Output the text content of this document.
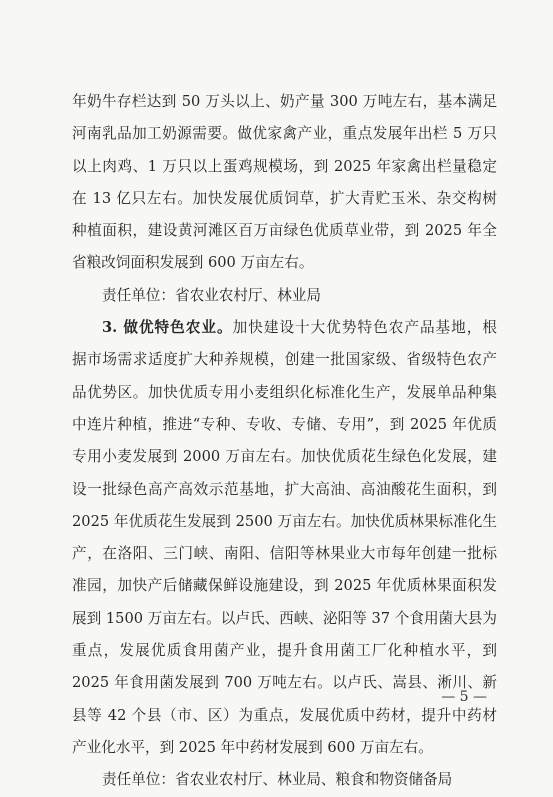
年奶牛存栏达到 50 万头以上、奶产量 300 万吨左右，基本满足
河南乳品加工奶源需要。做优家禽产业，重点发展年出栏 5 万只
以上肉鸡、1 万只以上蛋鸡规模场，到 2025 年家禽出栏量稳定
在 13 亿只左右。加快发展优质饲草，扩大青贮玉米、杂交构树
种植面积，建设黄河滩区百万亩绿色优质草业带，到 2025 年全
省粮改饲面积发展到 600 万亩左右。
责任单位：省农业农村厅、林业局
3. 做优特色农业。加快建设十大优势特色农产品基地，根
据市场需求适度扩大种养规模，创建一批国家级、省级特色农产
品优势区。加快优质专用小麦组织化标准化生产，发展单品种集
中连片种植，推进“专种、专收、专储、专用”，到 2025 年优质
专用小麦发展到 2000 万亩左右。加快优质花生绿色化发展，建
设一批绿色高产高效示范基地，扩大高油、高油酸花生面积，到
2025 年优质花生发展到 2500 万亩左右。加快优质林果标准化生
产，在洛阳、三门峡、南阳、信阳等林果业大市每年创建一批标
准园，加快产后储藏保鲜设施建设，到 2025 年优质林果面积发
展到 1500 万亩左右。以卢氏、西峡、泌阳等 37 个食用菌大县为
重点，发展优质食用菌产业，提升食用菌工厂化种植水平，到
2025 年食用菌发展到 700 万吨左右。以卢氏、嵩县、淅川、新
县等 42 个县（市、区）为重点，发展优质中药材，提升中药材
产业化水平，到 2025 年中药材发展到 600 万亩左右。
责任单位：省农业农村厅、林业局、粮食和物资储备局
— 5 —
